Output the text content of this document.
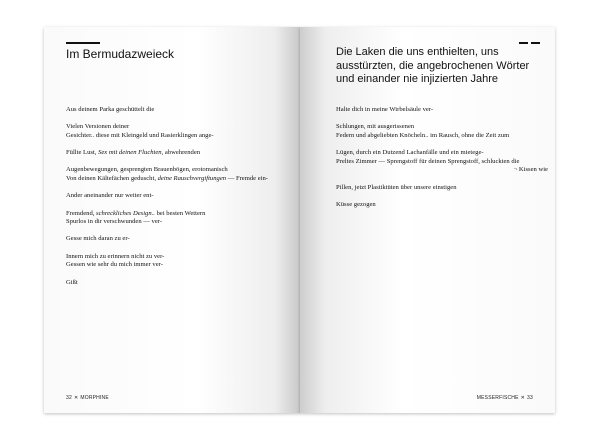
Im Bermudazweieck
Aus deinem Parka geschüttelt die
Vielen Versionen deiner
Gesichter.. diese mit Kleingeld und Rasierklingen ange-
Füllte Lust, Sex mit deinen Fluchten, abwehrenden
Augenbewegungen, gesprengten Brauenbögen, erotomanisch
Von deinen Kältefächen geduscht, deine Rauschvergiftungen — Fremde ein-
Ander aneinander nur weiter ent-
Fremdend, schreckliches Design.. bei besten Wettern
Spurlos in dir verschwunden — ver-
Gesse mich daran zu er-
Innern mich zu erinnern nicht zu ver-
Gessen wie sehr du mich immer ver-
Gißt
32 ✕ MORPHINE
Die Laken die uns enthielten, uns
ausstürzten, die angebrochenen Wörter
und einander nie injizierten Jahre
Halte dich in meine Wirbelsäule ver-
Schlungen, mit ausgerissenen
Federn und abgeliebten Knöcheln.. im Rausch, ohne die Zeit zum
Lügen, durch ein Dutzend Lachanfälle und ein mietege-
Preltes Zimmer — Sprengstoff für deinen Sprengstoff, schluckten die
¬ Kissen wie
Pillen, jetzt Plastiktüten über unsere einstigen
Küsse gezogen
MESSERFISCHE ✕ 33
